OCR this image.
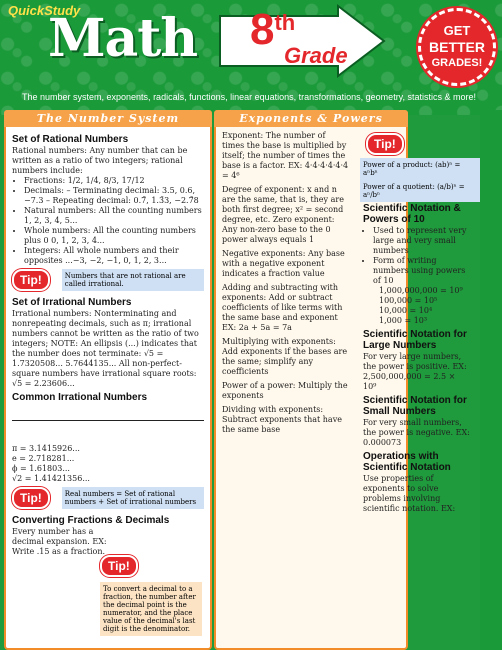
QuickStudy
Math 8th
Grade
GET
BETTER
GRADES!
The number system, exponents, radicals, functions, linear equations, transformations, geometry, statistics & more!
The Number System
Set of Rational Numbers
Rational numbers: Any number that can be written as a ratio of two integers; rational numbers include:
• Fractions: 1/2, 1/4, 8/3, 17/12
• Decimals: – Terminating decimal: 3.5, 0.6, −7.3 – Repeating decimal: 0.7̄, 1.3̄3, −2.7̄8
• Natural numbers: All the counting numbers 1, 2, 3, 4, 5...
• Whole numbers: All the counting numbers plus 0 0, 1, 2, 3, 4...
• Integers: All whole numbers and their opposites ...−3, −2, −1, 0, 1, 2, 3...
Tip!	Numbers that are not rational are called irrational.
Set of Irrational Numbers
Irrational numbers: Nonterminating and nonrepeating decimals, such as π; irrational numbers cannot be written as the ratio of two integers; NOTE: An ellipsis (...) indicates that the number does not terminate: √5 = 1.7320508... 5.7644135... All non-perfect-square numbers have irrational square roots: √5 = 2.23606...
Common Irrational Numbers
π = 3.1415926...
e = 2.718281...
ϕ = 1.61803...
√2 = 1.41421356...
Tip!	Real numbers = Set of rational numbers + Set of irrational numbers
Converting Fractions & Decimals
Every number has a decimal expansion. EX: Write .15 as a fraction.
Tip!
To convert a decimal to a fraction, the number after the decimal point is the numerator, and the place value of the decimal's last digit is the denominator.
Exponents & Powers
Exponent: The number of times the base is multiplied by itself; the number of times the base is a factor. EX: 4·4·4·4·4·4 = 4⁶
Degree of exponent: x and n are the same, that is, they are both first degree; x² = second degree, etc. Zero exponent: Any non-zero base to the 0 power always equals 1
Negative exponents: Any base with a negative exponent indicates a fraction value
Adding and subtracting with exponents: Add or subtract coefficients of like terms with the same base and exponent EX: 2a + 5a = 7a
Multiplying with exponents: Add exponents if the bases are the same; simplify any coefficients
Power of a power: Multiply the exponents
Dividing with exponents: Subtract exponents that have the same base
Tip!
Power of a product: (ab)ⁿ = aⁿbⁿ
Power of a quotient: (a/b)ⁿ = aⁿ/bⁿ
Scientific Notation & Powers of 10
• Used to represent very large and very small numbers
• Form of writing numbers using powers of 10
1,000,000,000 = 10⁹
100,000 = 10⁵
10,000 = 10⁴
1,000 = 10³
Scientific Notation for Large Numbers
For very large numbers, the power is positive. EX: 2,500,000,000 = 2.5 × 10⁹
Scientific Notation for Small Numbers
For very small numbers, the power is negative. EX: 0.000073
Operations with Scientific Notation
Use properties of exponents to solve problems involving scientific notation. EX:
